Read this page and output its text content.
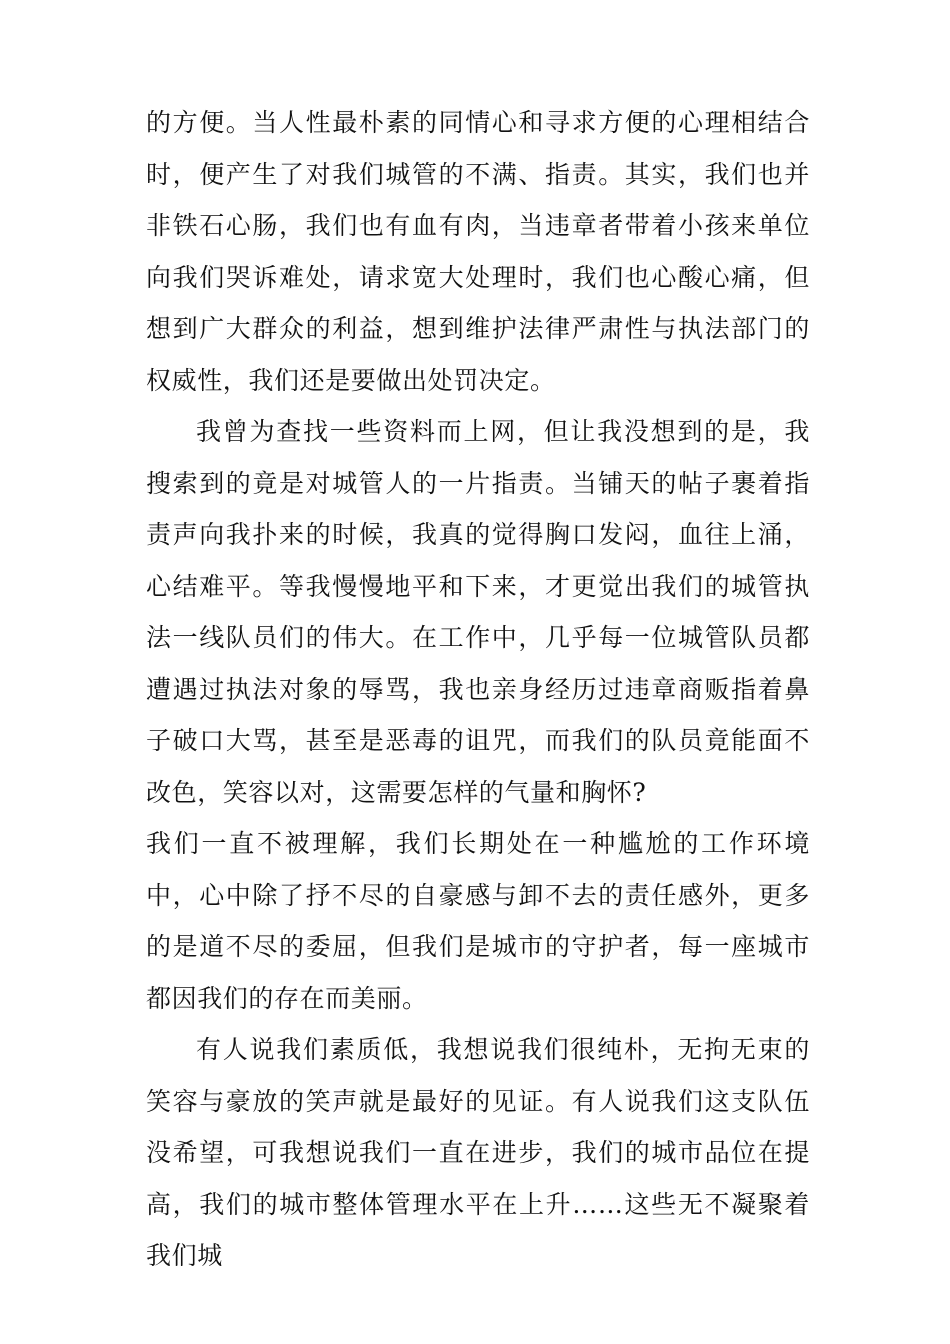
的方便。当人性最朴素的同情心和寻求方便的心理相结合时，便产生了对我们城管的不满、指责。其实，我们也并非铁石心肠，我们也有血有肉，当违章者带着小孩来单位向我们哭诉难处，请求宽大处理时，我们也心酸心痛，但想到广大群众的利益，想到维护法律严肃性与执法部门的权威性，我们还是要做出处罚决定。

我曾为查找一些资料而上网，但让我没想到的是，我搜索到的竟是对城管人的一片指责。当铺天的帖子裹着指责声向我扑来的时候，我真的觉得胸口发闷，血往上涌，心结难平。等我慢慢地平和下来，才更觉出我们的城管执法一线队员们的伟大。在工作中，几乎每一位城管队员都遭遇过执法对象的辱骂，我也亲身经历过违章商贩指着鼻子破口大骂，甚至是恶毒的诅咒，而我们的队员竟能面不改色，笑容以对，这需要怎样的气量和胸怀?

我们一直不被理解，我们长期处在一种尴尬的工作环境中，心中除了抒不尽的自豪感与卸不去的责任感外，更多的是道不尽的委屈，但我们是城市的守护者，每一座城市都因我们的存在而美丽。

有人说我们素质低，我想说我们很纯朴，无拘无束的笑容与豪放的笑声就是最好的见证。有人说我们这支队伍没希望，可我想说我们一直在进步，我们的城市品位在提高，我们的城市整体管理水平在上升……这些无不凝聚着我们城
